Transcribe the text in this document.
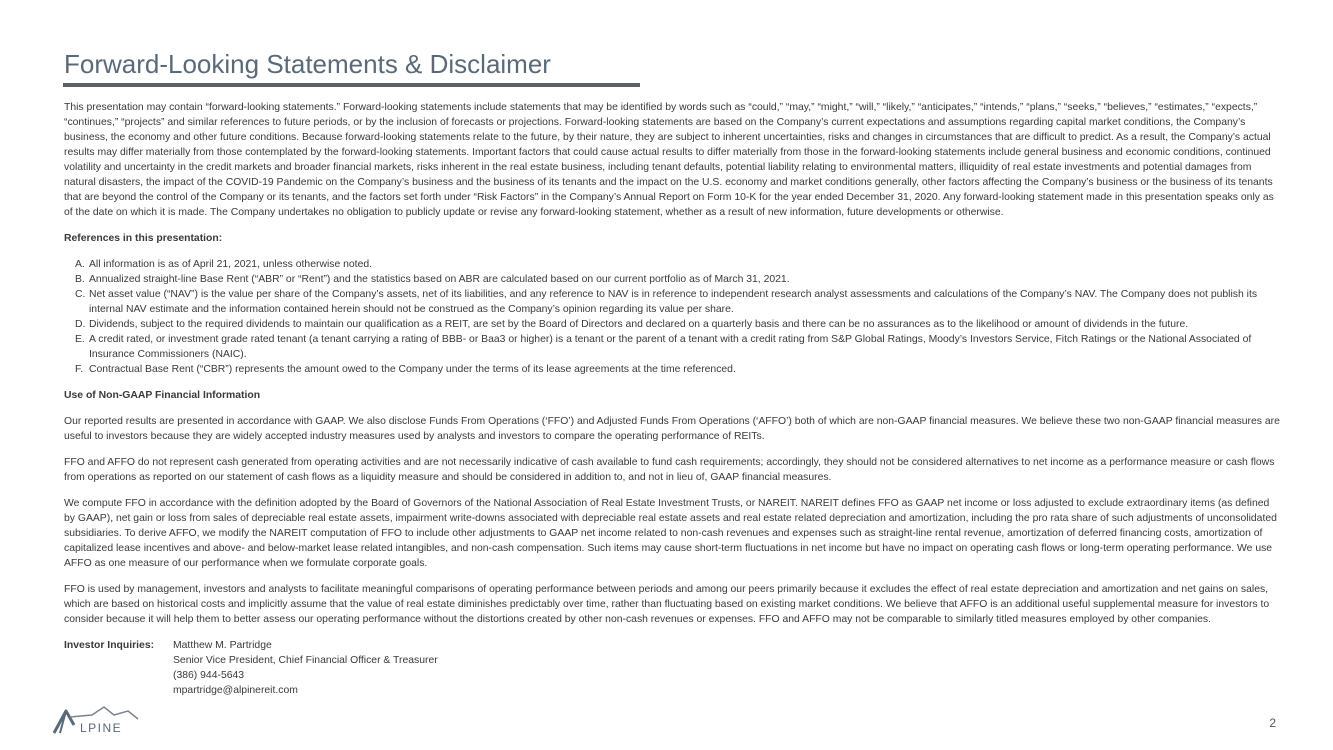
Forward-Looking Statements & Disclaimer

This presentation may contain “forward-looking statements.” Forward-looking statements include statements that may be identified by words such as “could,” “may,” “might,” “will,” “likely,” “anticipates,” “intends,” “plans,” “seeks,” “believes,” “estimates,” “expects,” “continues,” “projects” and similar references to future periods, or by the inclusion of forecasts or projections. Forward-looking statements are based on the Company’s current expectations and assumptions regarding capital market conditions, the Company’s business, the economy and other future conditions. Because forward-looking statements relate to the future, by their nature, they are subject to inherent uncertainties, risks and changes in circumstances that are difficult to predict. As a result, the Company’s actual results may differ materially from those contemplated by the forward-looking statements. Important factors that could cause actual results to differ materially from those in the forward-looking statements include general business and economic conditions, continued volatility and uncertainty in the credit markets and broader financial markets, risks inherent in the real estate business, including tenant defaults, potential liability relating to environmental matters, illiquidity of real estate investments and potential damages from natural disasters, the impact of the COVID-19 Pandemic on the Company’s business and the business of its tenants and the impact on the U.S. economy and market conditions generally, other factors affecting the Company’s business or the business of its tenants that are beyond the control of the Company or its tenants, and the factors set forth under “Risk Factors” in the Company’s Annual Report on Form 10-K for the year ended December 31, 2020. Any forward-looking statement made in this presentation speaks only as of the date on which it is made. The Company undertakes no obligation to publicly update or revise any forward-looking statement, whether as a result of new information, future developments or otherwise.

References in this presentation:

A. All information is as of April 21, 2021, unless otherwise noted.
B. Annualized straight-line Base Rent (“ABR” or “Rent”) and the statistics based on ABR are calculated based on our current portfolio as of March 31, 2021.
C. Net asset value (“NAV”) is the value per share of the Company’s assets, net of its liabilities, and any reference to NAV is in reference to independent research analyst assessments and calculations of the Company’s NAV. The Company does not publish its internal NAV estimate and the information contained herein should not be construed as the Company’s opinion regarding its value per share.
D. Dividends, subject to the required dividends to maintain our qualification as a REIT, are set by the Board of Directors and declared on a quarterly basis and there can be no assurances as to the likelihood or amount of dividends in the future.
E. A credit rated, or investment grade rated tenant (a tenant carrying a rating of BBB- or Baa3 or higher) is a tenant or the parent of a tenant with a credit rating from S&P Global Ratings, Moody’s Investors Service, Fitch Ratings or the National Associated of Insurance Commissioners (NAIC).
F. Contractual Base Rent (“CBR”) represents the amount owed to the Company under the terms of its lease agreements at the time referenced.

Use of Non-GAAP Financial Information

Our reported results are presented in accordance with GAAP. We also disclose Funds From Operations (‘FFO’) and Adjusted Funds From Operations (‘AFFO’) both of which are non-GAAP financial measures. We believe these two non-GAAP financial measures are useful to investors because they are widely accepted industry measures used by analysts and investors to compare the operating performance of REITs.

FFO and AFFO do not represent cash generated from operating activities and are not necessarily indicative of cash available to fund cash requirements; accordingly, they should not be considered alternatives to net income as a performance measure or cash flows from operations as reported on our statement of cash flows as a liquidity measure and should be considered in addition to, and not in lieu of, GAAP financial measures.

We compute FFO in accordance with the definition adopted by the Board of Governors of the National Association of Real Estate Investment Trusts, or NAREIT. NAREIT defines FFO as GAAP net income or loss adjusted to exclude extraordinary items (as defined by GAAP), net gain or loss from sales of depreciable real estate assets, impairment write-downs associated with depreciable real estate assets and real estate related depreciation and amortization, including the pro rata share of such adjustments of unconsolidated subsidiaries. To derive AFFO, we modify the NAREIT computation of FFO to include other adjustments to GAAP net income related to non-cash revenues and expenses such as straight-line rental revenue, amortization of deferred financing costs, amortization of capitalized lease incentives and above- and below-market lease related intangibles, and non-cash compensation. Such items may cause short-term fluctuations in net income but have no impact on operating cash flows or long-term operating performance. We use AFFO as one measure of our performance when we formulate corporate goals.

FFO is used by management, investors and analysts to facilitate meaningful comparisons of operating performance between periods and among our peers primarily because it excludes the effect of real estate depreciation and amortization and net gains on sales, which are based on historical costs and implicitly assume that the value of real estate diminishes predictably over time, rather than fluctuating based on existing market conditions. We believe that AFFO is an additional useful supplemental measure for investors to consider because it will help them to better assess our operating performance without the distortions created by other non-cash revenues or expenses. FFO and AFFO may not be comparable to similarly titled measures employed by other companies.

Investor Inquiries:	Matthew M. Partridge
Senior Vice President, Chief Financial Officer & Treasurer
(386) 944-5643
mpartridge@alpinereit.com
LPINE	2
